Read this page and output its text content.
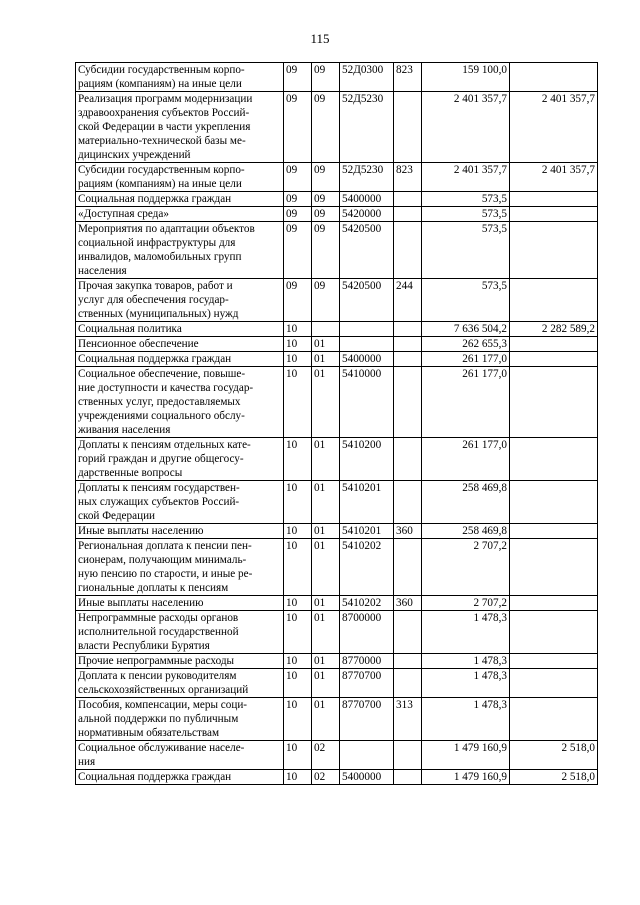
115
Субсидии государственным корпо-
рациям (компаниям) на иные цели	09	09	52Д0300	823	159 100,0	

Реализация программ модернизации
здравоохранения субъектов Россий-
ской Федерации в части укрепления
материально-технической базы ме-
дицинских учреждений	09	09	52Д5230		2 401 357,7	2 401 357,7

Субсидии государственным корпо-
рациям (компаниям) на иные цели	09	09	52Д5230	823	2 401 357,7	2 401 357,7

Социальная поддержка граждан	09	09	5400000		573,5	

«Доступная среда»	09	09	5420000		573,5	

Мероприятия по адаптации объектов
социальной инфраструктуры для
инвалидов, маломобильных групп
населения	09	09	5420500		573,5	

Прочая закупка товаров, работ и
услуг для обеспечения государ-
ственных (муниципальных) нужд	09	09	5420500	244	573,5	

Социальная политика	10				7 636 504,2	2 282 589,2

Пенсионное обеспечение	10	01			262 655,3	

Социальная поддержка граждан	10	01	5400000		261 177,0	

Социальное обеспечение, повыше-
ние доступности и качества государ-
ственных услуг, предоставляемых
учреждениями социального обслу-
живания населения	10	01	5410000		261 177,0	

Доплаты к пенсиям отдельных кате-
горий граждан и другие общегосу-
дарственные вопросы	10	01	5410200		261 177,0	

Доплаты к пенсиям государствен-
ных служащих субъектов Россий-
ской Федерации	10	01	5410201		258 469,8	

Иные выплаты населению	10	01	5410201	360	258 469,8	

Региональная доплата к пенсии пен-
сионерам, получающим минималь-
ную пенсию по старости, и иные ре-
гиональные доплаты к пенсиям	10	01	5410202		2 707,2	

Иные выплаты населению	10	01	5410202	360	2 707,2	

Непрограммные расходы органов
исполнительной государственной
власти Республики Бурятия	10	01	8700000		1 478,3	

Прочие непрограммные расходы	10	01	8770000		1 478,3	

Доплата к пенсии руководителям
сельскохозяйственных организаций	10	01	8770700		1 478,3	

Пособия, компенсации, меры соци-
альной поддержки по публичным
нормативным обязательствам	10	01	8770700	313	1 478,3	

Социальное обслуживание населе-
ния	10	02			1 479 160,9	2 518,0

Социальная поддержка граждан	10	02	5400000		1 479 160,9	2 518,0
